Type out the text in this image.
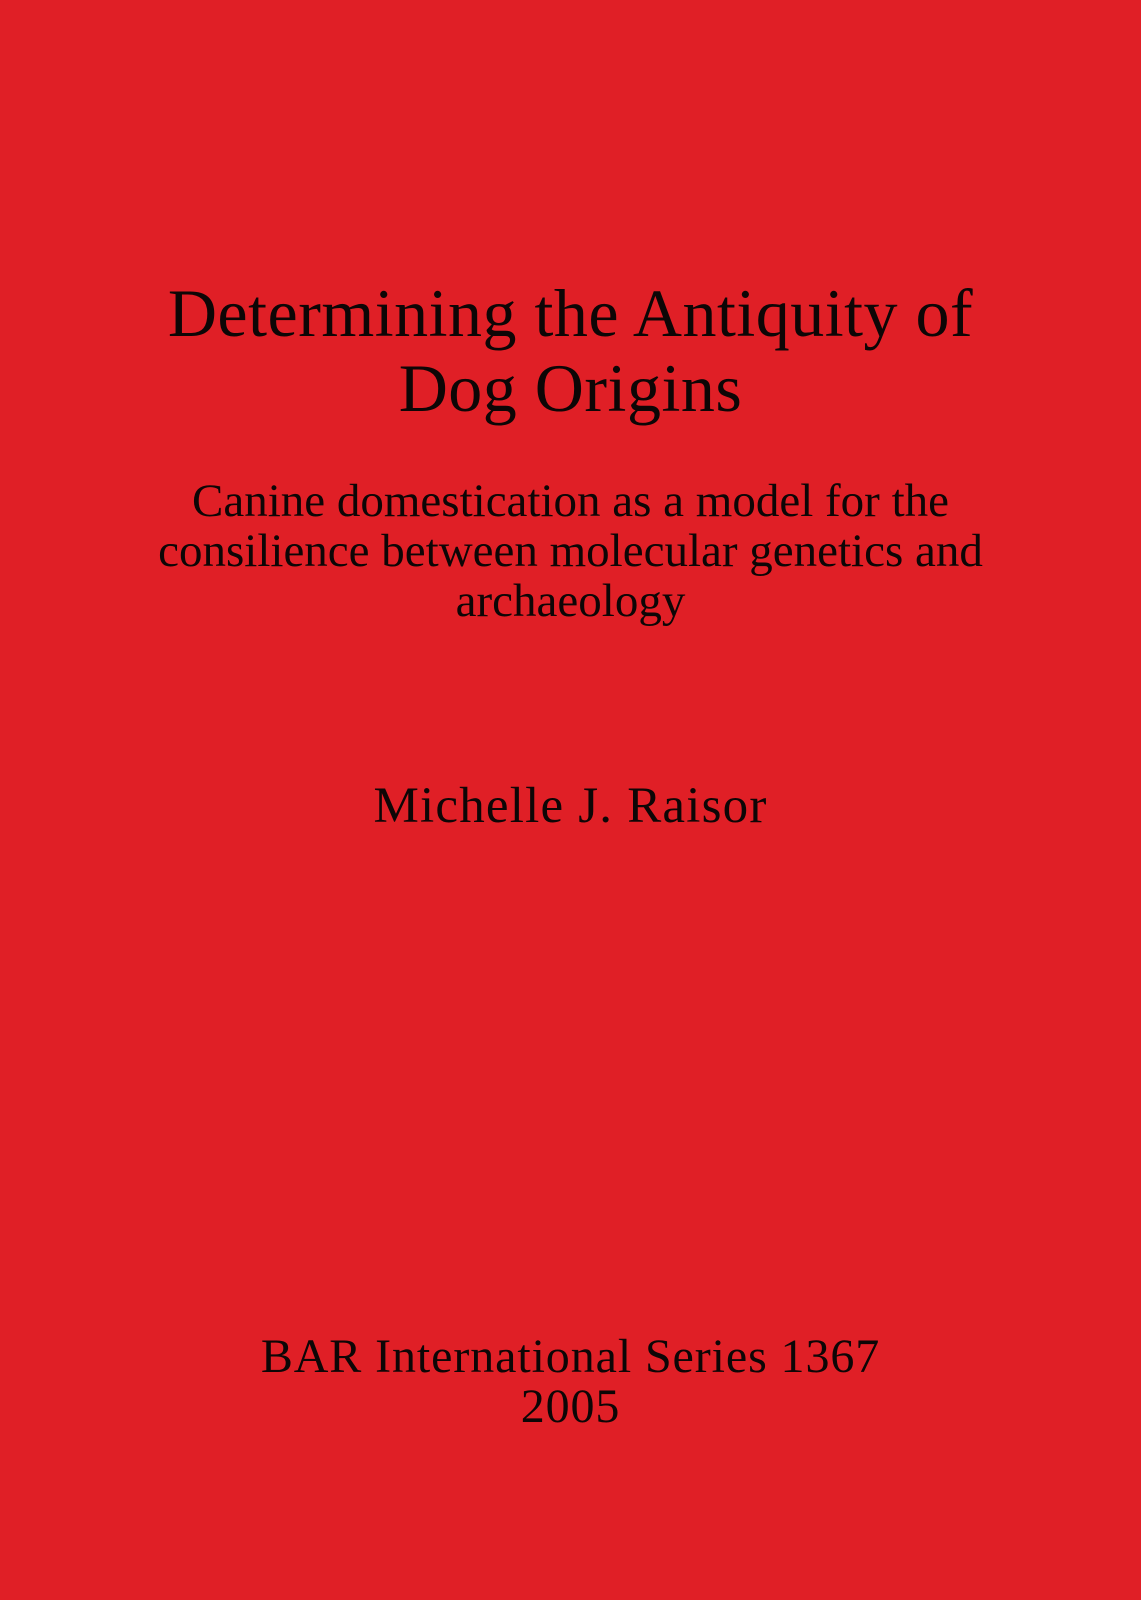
Determining the Antiquity of
Dog Origins
Canine domestication as a model for the
consilience between molecular genetics and
archaeology
Michelle J. Raisor
BAR International Series 1367
2005
